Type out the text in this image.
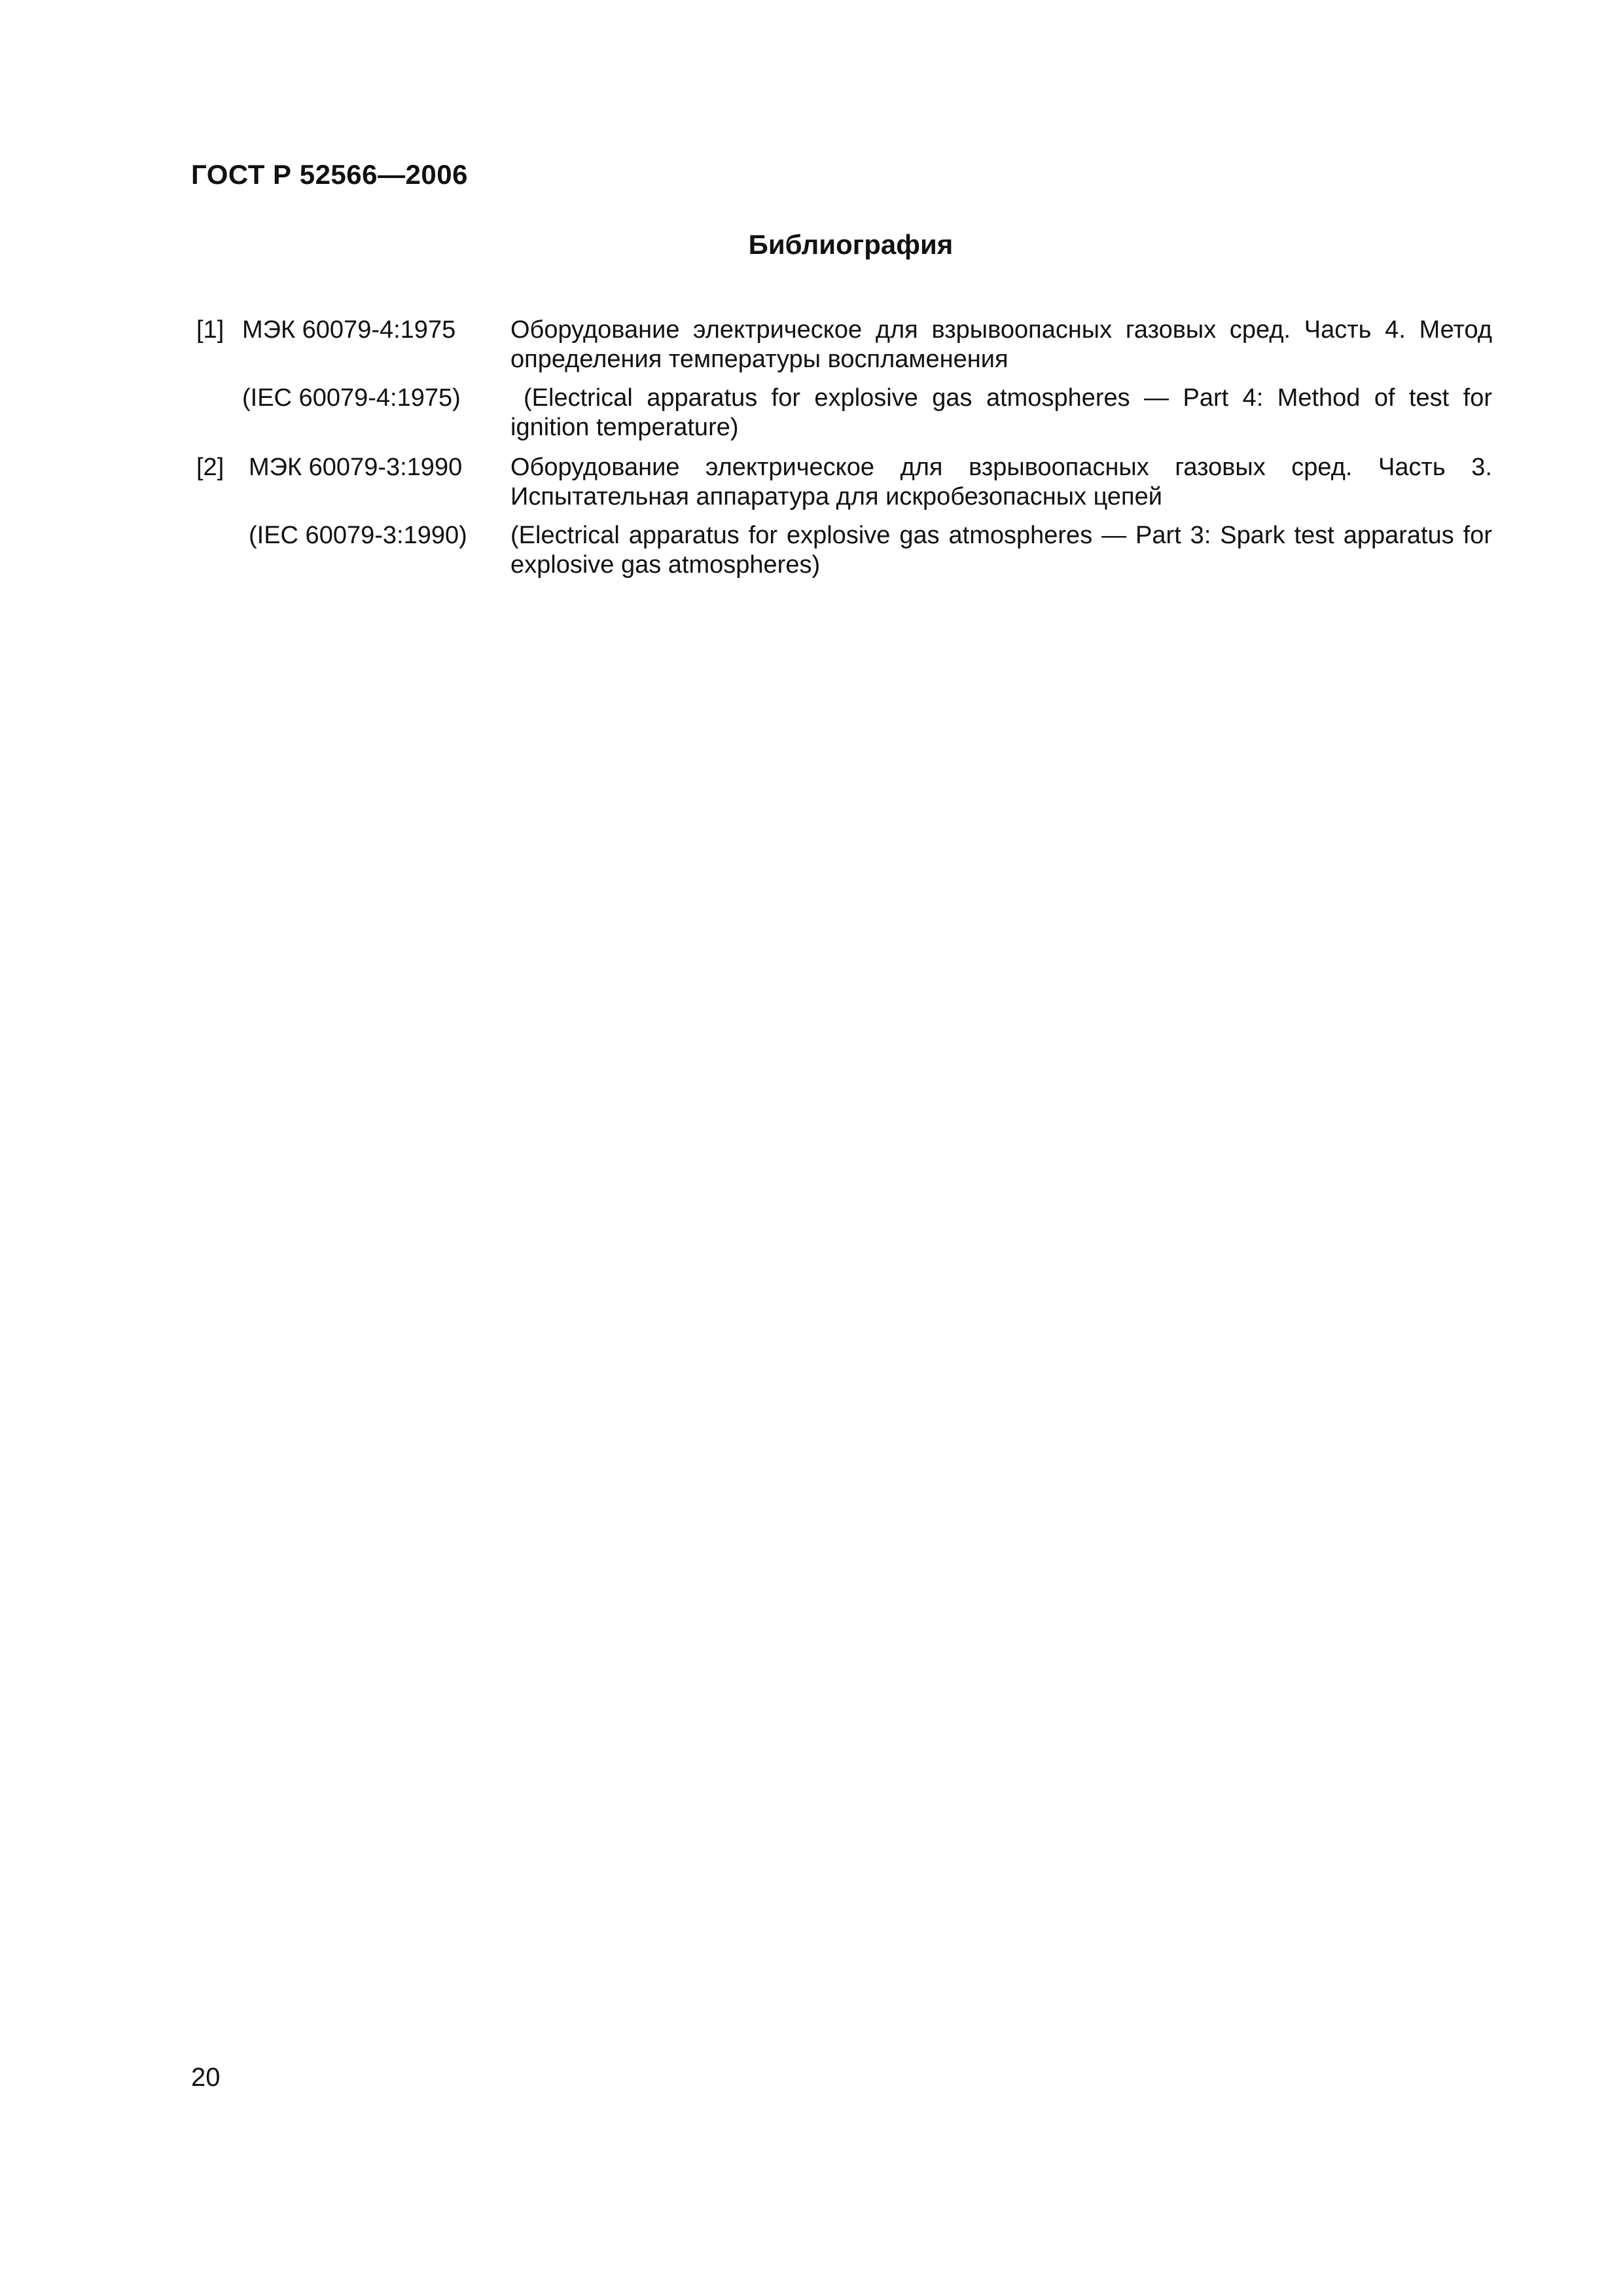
ГОСТ Р 52566—2006
Библиография
[1] МЭК 60079-4:1975	Оборудование электрическое для взрывоопасных газовых сред. Часть 4. Метод определения температуры воспламенения
(IEC 60079-4:1975)	(Electrical apparatus for explosive gas atmospheres — Part 4: Method of test for ignition temperature)
[2] МЭК 60079-3:1990	Оборудование электрическое для взрывоопасных газовых сред. Часть 3. Испытательная аппаратура для искробезопасных цепей
(IEC 60079-3:1990)	(Electrical apparatus for explosive gas atmospheres — Part 3: Spark test apparatus for explosive gas atmospheres)
20
